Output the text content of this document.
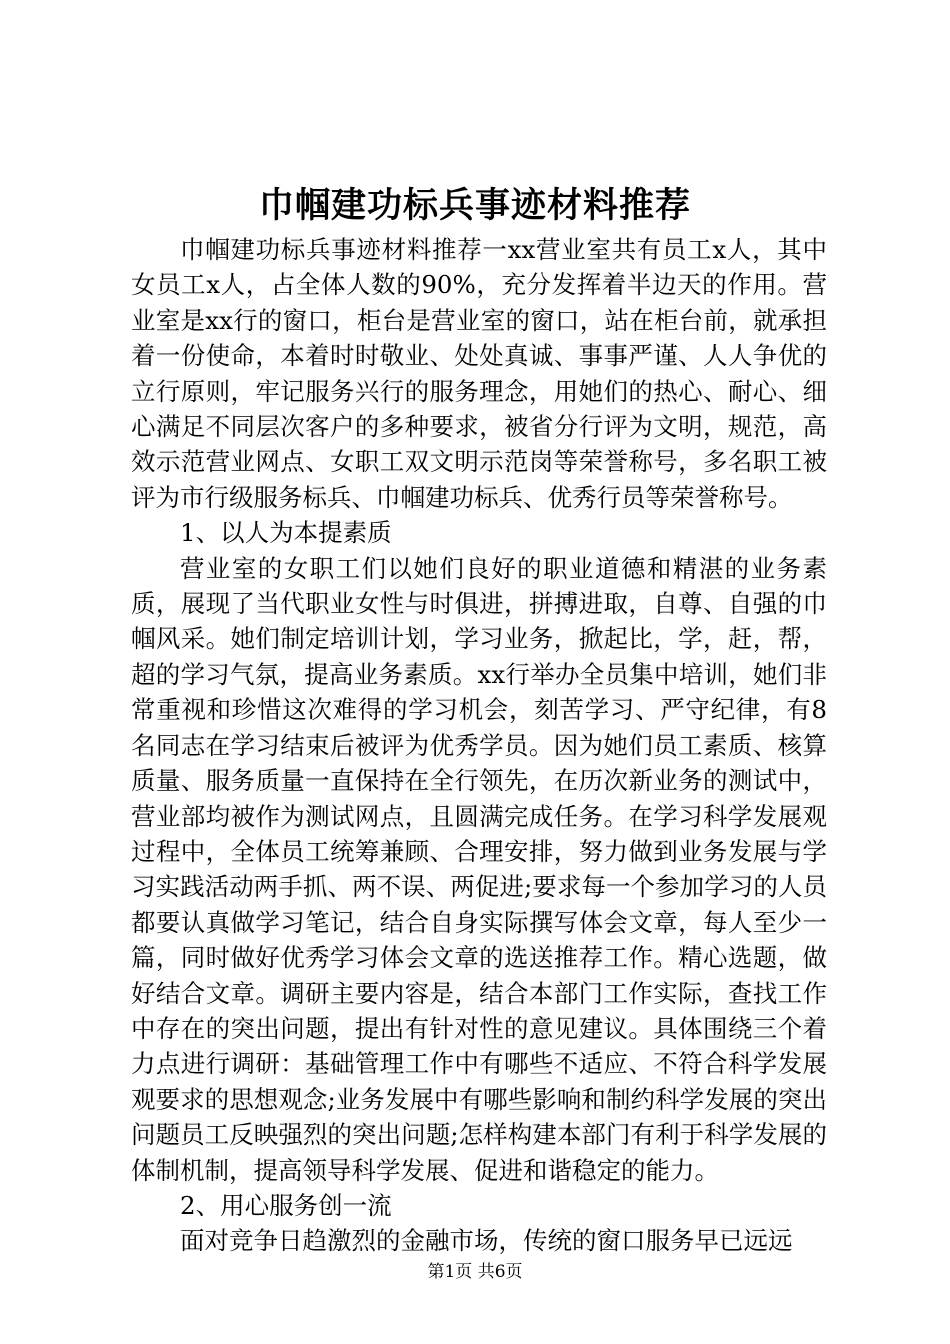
巾帼建功标兵事迹材料推荐

巾帼建功标兵事迹材料推荐一xx营业室共有员工x人，其中女员工x人，占全体人数的90%，充分发挥着半边天的作用。营业室是xx行的窗口，柜台是营业室的窗口，站在柜台前，就承担着一份使命，本着时时敬业、处处真诚、事事严谨、人人争优的立行原则，牢记服务兴行的服务理念，用她们的热心、耐心、细心满足不同层次客户的多种要求，被省分行评为文明，规范，高效示范营业网点、女职工双文明示范岗等荣誉称号，多名职工被评为市行级服务标兵、巾帼建功标兵、优秀行员等荣誉称号。

1、以人为本提素质

营业室的女职工们以她们良好的职业道德和精湛的业务素质，展现了当代职业女性与时俱进，拼搏进取，自尊、自强的巾帼风采。她们制定培训计划，学习业务，掀起比，学，赶，帮，超的学习气氛，提高业务素质。xx行举办全员集中培训，她们非常重视和珍惜这次难得的学习机会，刻苦学习、严守纪律，有8名同志在学习结束后被评为优秀学员。因为她们员工素质、核算质量、服务质量一直保持在全行领先，在历次新业务的测试中，营业部均被作为测试网点，且圆满完成任务。在学习科学发展观过程中，全体员工统筹兼顾、合理安排，努力做到业务发展与学习实践活动两手抓、两不误、两促进;要求每一个参加学习的人员都要认真做学习笔记，结合自身实际撰写体会文章，每人至少一篇，同时做好优秀学习体会文章的选送推荐工作。精心选题，做好结合文章。调研主要内容是，结合本部门工作实际，查找工作中存在的突出问题，提出有针对性的意见建议。具体围绕三个着力点进行调研：基础管理工作中有哪些不适应、不符合科学发展观要求的思想观念;业务发展中有哪些影响和制约科学发展的突出问题员工反映强烈的突出问题;怎样构建本部门有利于科学发展的体制机制，提高领导科学发展、促进和谐稳定的能力。

2、用心服务创一流

面对竞争日趋激烈的金融市场，传统的窗口服务早已远远

第1页 共6页
